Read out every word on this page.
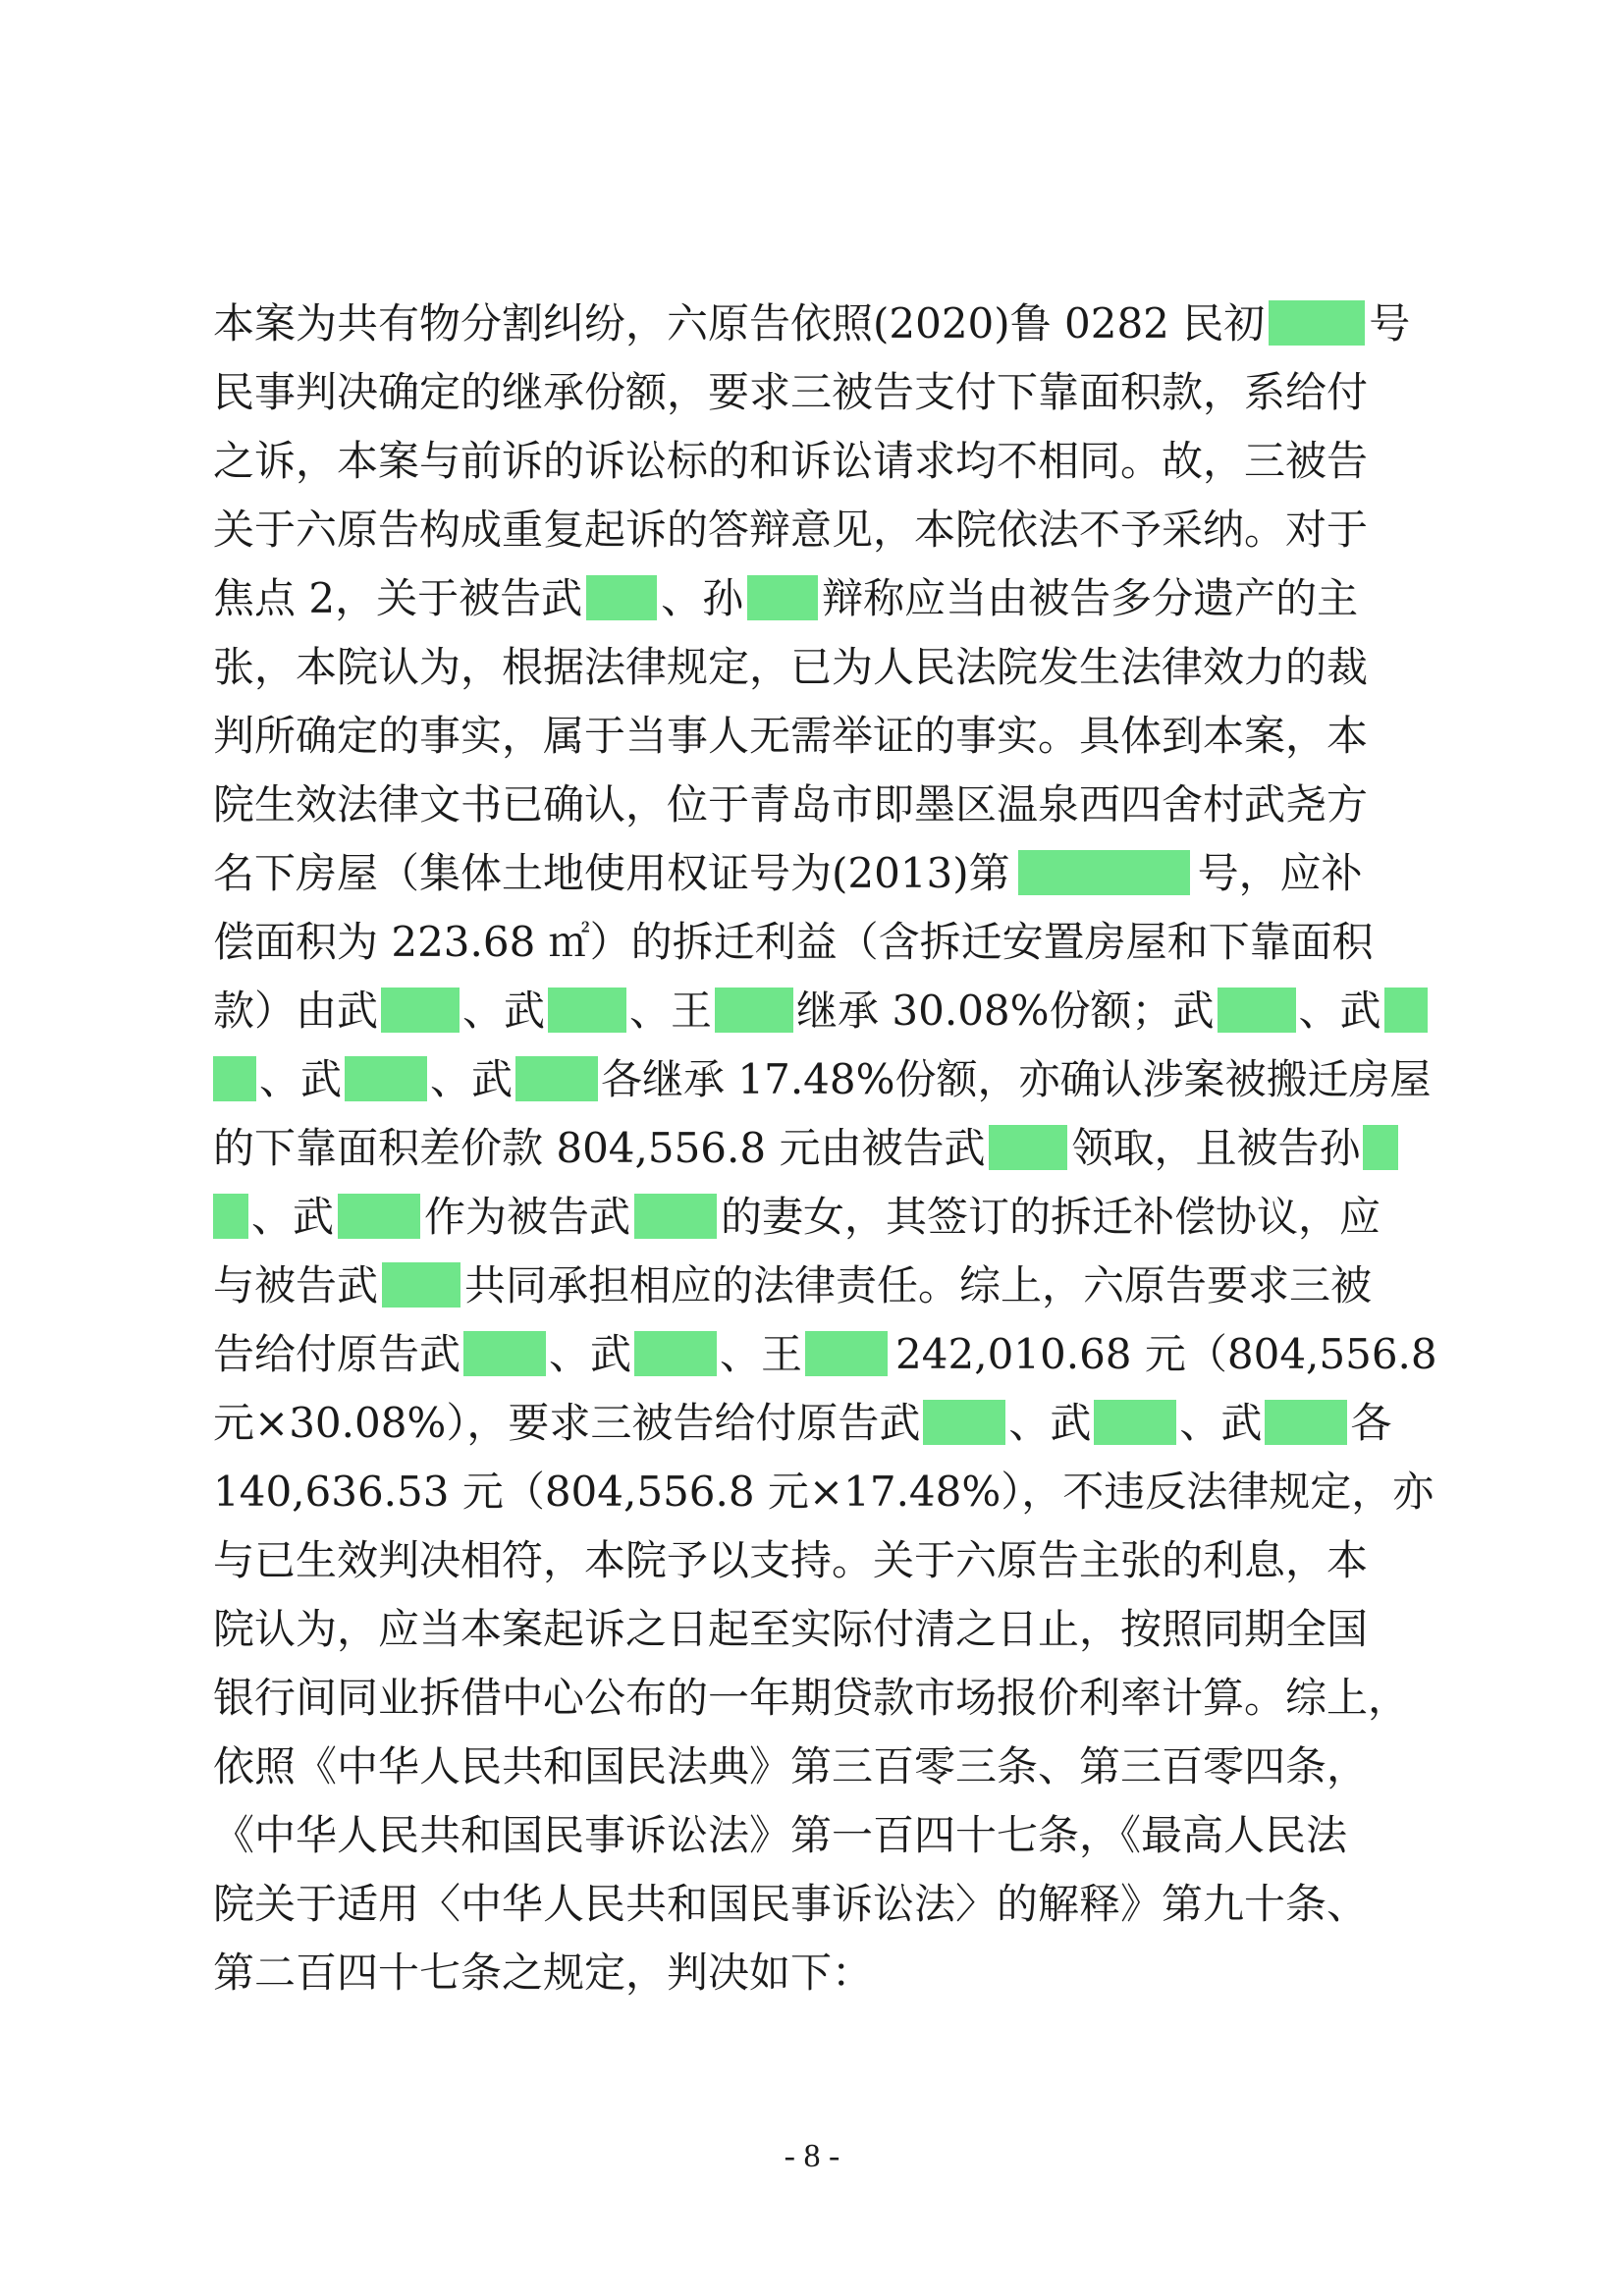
本案为共有物分割纠纷，六原告依照(2020)鲁 0282 民初	号
民事判决确定的继承份额，要求三被告支付下靠面积款，系给付
之诉，本案与前诉的诉讼标的和诉讼请求均不相同。故，三被告
关于六原告构成重复起诉的答辩意见，本院依法不予采纳。对于
焦点 2，关于被告武 、孙 辩称应当由被告多分遗产的主
张，本院认为，根据法律规定，已为人民法院发生法律效力的裁
判所确定的事实，属于当事人无需举证的事实。具体到本案，本
院生效法律文书已确认，位于青岛市即墨区温泉西四舍村武尧方
名下房屋（集体土地使用权证号为(2013)第	号，应补
偿面积为 223.68 ㎡）的拆迁利益（含拆迁安置房屋和下靠面积
款）由武 、武 、王 继承 30.08%份额；武 、武
、武 、武 各继承 17.48%份额，亦确认涉案被搬迁房屋
的下靠面积差价款 804,556.8 元由被告武 领取，且被告孙
、武 作为被告武 的妻女，其签订的拆迁补偿协议，应
与被告武 共同承担相应的法律责任。综上，六原告要求三被
告给付原告武 、武 、王 242,010.68 元（804,556.8
元×30.08%），要求三被告给付原告武 、武 、武 各
140,636.53 元（804,556.8 元×17.48%），不违反法律规定，亦
与已生效判决相符，本院予以支持。关于六原告主张的利息，本
院认为，应当本案起诉之日起至实际付清之日止，按照同期全国
银行间同业拆借中心公布的一年期贷款市场报价利率计算。综上，
依照《中华人民共和国民法典》第三百零三条、第三百零四条，
《中华人民共和国民事诉讼法》第一百四十七条，《最高人民法
院关于适用〈中华人民共和国民事诉讼法〉的解释》第九十条、
第二百四十七条之规定，判决如下：
- 8 -
